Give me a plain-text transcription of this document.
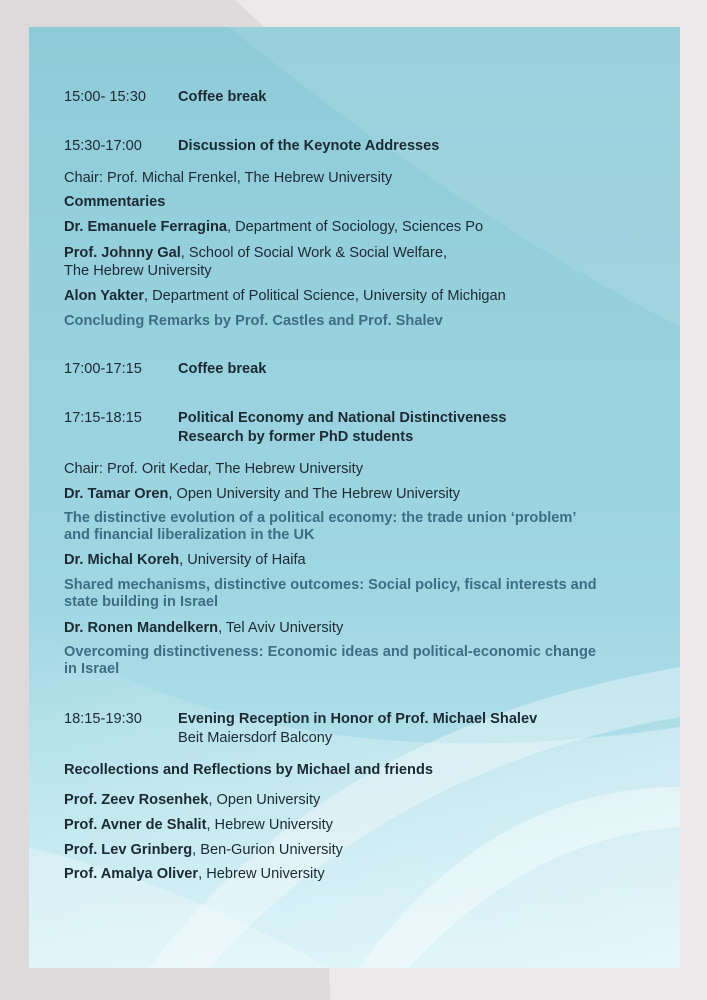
15:00- 15:30 Coffee break
15:30-17:00 Discussion of the Keynote Addresses
Chair: Prof. Michal Frenkel, The Hebrew University
Commentaries
Dr. Emanuele Ferragina, Department of Sociology, Sciences Po
Prof. Johnny Gal, School of Social Work & Social Welfare,
The Hebrew University
Alon Yakter, Department of Political Science, University of Michigan
Concluding Remarks by Prof. Castles and Prof. Shalev
17:00-17:15 Coffee break
17:15-18:15 Political Economy and National Distinctiveness
Research by former PhD students
Chair: Prof. Orit Kedar, The Hebrew University
Dr. Tamar Oren, Open University and The Hebrew University
The distinctive evolution of a political economy: the trade union ‘problem’
and financial liberalization in the UK
Dr. Michal Koreh, University of Haifa
Shared mechanisms, distinctive outcomes: Social policy, fiscal interests and
state building in Israel
Dr. Ronen Mandelkern, Tel Aviv University
Overcoming distinctiveness: Economic ideas and political-economic change
in Israel
18:15-19:30 Evening Reception in Honor of Prof. Michael Shalev
Beit Maiersdorf Balcony
Recollections and Reflections by Michael and friends
Prof. Zeev Rosenhek, Open University
Prof. Avner de Shalit, Hebrew University
Prof. Lev Grinberg, Ben-Gurion University
Prof. Amalya Oliver, Hebrew University
